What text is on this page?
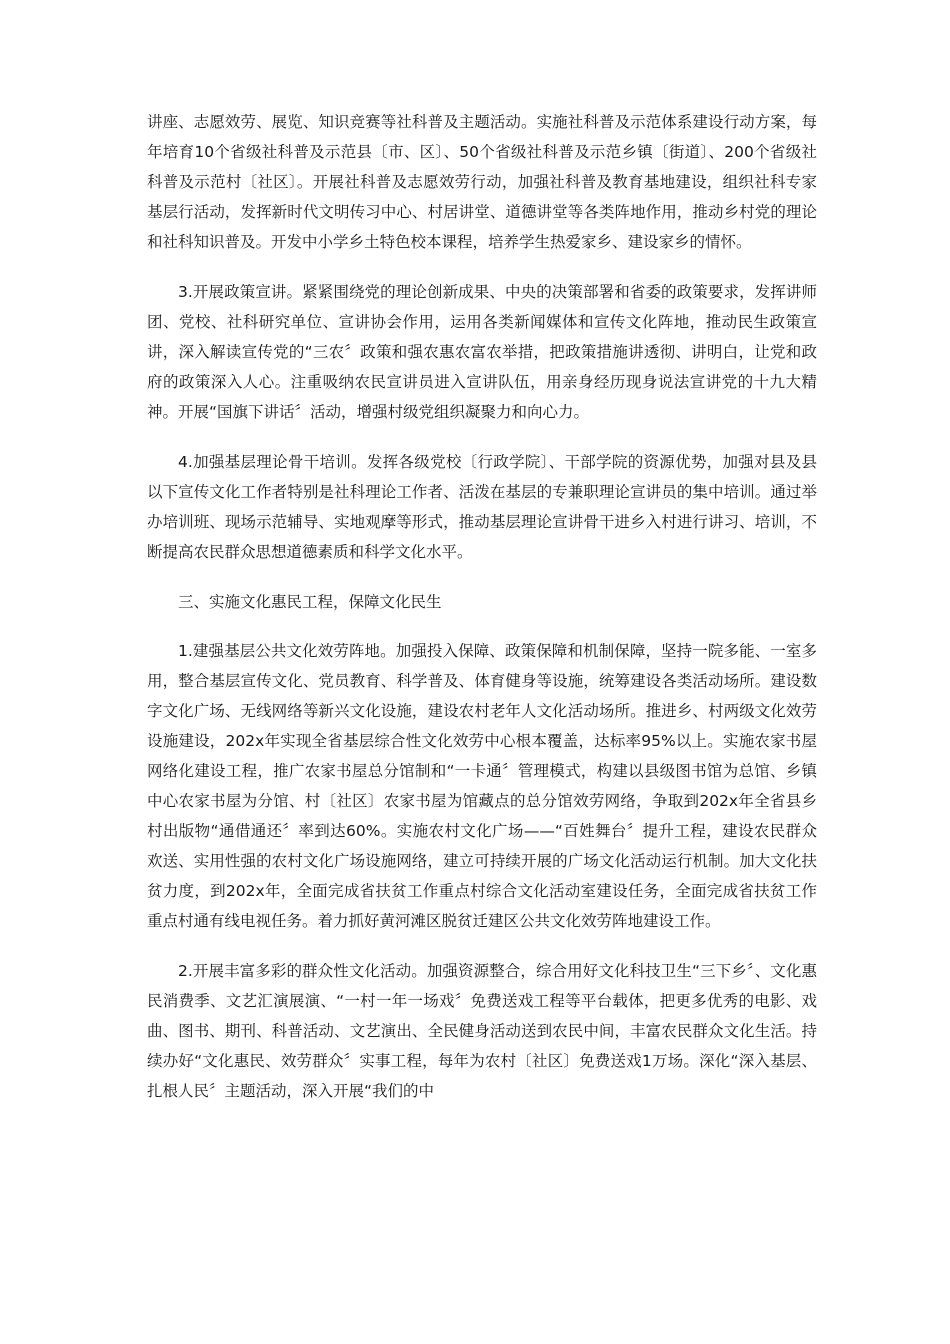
讲座、志愿效劳、展览、知识竞赛等社科普及主题活动。实施社科普及示范体系建设行动方案，每年培育10个省级社科普及示范县〔市、区〕、50个省级社科普及示范乡镇〔街道〕、200个省级社科普及示范村〔社区〕。开展社科普及志愿效劳行动，加强社科普及教育基地建设，组织社科专家基层行活动，发挥新时代文明传习中心、村居讲堂、道德讲堂等各类阵地作用，推动乡村党的理论和社科知识普及。开发中小学乡土特色校本课程，培养学生热爱家乡、建设家乡的情怀。

3.开展政策宣讲。紧紧围绕党的理论创新成果、中央的决策部署和省委的政策要求，发挥讲师团、党校、社科研究单位、宣讲协会作用，运用各类新闻媒体和宣传文化阵地，推动民生政策宣讲，深入解读宣传党的“三农〞政策和强农惠农富农举措，把政策措施讲透彻、讲明白，让党和政府的政策深入人心。注重吸纳农民宣讲员进入宣讲队伍，用亲身经历现身说法宣讲党的十九大精神。开展“国旗下讲话〞活动，增强村级党组织凝聚力和向心力。

4.加强基层理论骨干培训。发挥各级党校〔行政学院〕、干部学院的资源优势，加强对县及县以下宣传文化工作者特别是社科理论工作者、活泼在基层的专兼职理论宣讲员的集中培训。通过举办培训班、现场示范辅导、实地观摩等形式，推动基层理论宣讲骨干进乡入村进行讲习、培训，不断提高农民群众思想道德素质和科学文化水平。

三、实施文化惠民工程，保障文化民生

1.建强基层公共文化效劳阵地。加强投入保障、政策保障和机制保障，坚持一院多能、一室多用，整合基层宣传文化、党员教育、科学普及、体育健身等设施，统筹建设各类活动场所。建设数字文化广场、无线网络等新兴文化设施，建设农村老年人文化活动场所。推进乡、村两级文化效劳设施建设，202x年实现全省基层综合性文化效劳中心根本覆盖，达标率95%以上。实施农家书屋网络化建设工程，推广农家书屋总分馆制和“一卡通〞管理模式，构建以县级图书馆为总馆、乡镇中心农家书屋为分馆、村〔社区〕农家书屋为馆藏点的总分馆效劳网络，争取到202x年全省县乡村出版物“通借通还〞率到达60%。实施农村文化广场——“百姓舞台〞提升工程，建设农民群众欢送、实用性强的农村文化广场设施网络，建立可持续开展的广场文化活动运行机制。加大文化扶贫力度，到202x年，全面完成省扶贫工作重点村综合文化活动室建设任务，全面完成省扶贫工作重点村通有线电视任务。着力抓好黄河滩区脱贫迁建区公共文化效劳阵地建设工作。

2.开展丰富多彩的群众性文化活动。加强资源整合，综合用好文化科技卫生“三下乡〞、文化惠民消费季、文艺汇演展演、“一村一年一场戏〞免费送戏工程等平台载体，把更多优秀的电影、戏曲、图书、期刊、科普活动、文艺演出、全民健身活动送到农民中间，丰富农民群众文化生活。持续办好“文化惠民、效劳群众〞实事工程，每年为农村〔社区〕免费送戏1万场。深化“深入基层、扎根人民〞主题活动，深入开展“我们的中
